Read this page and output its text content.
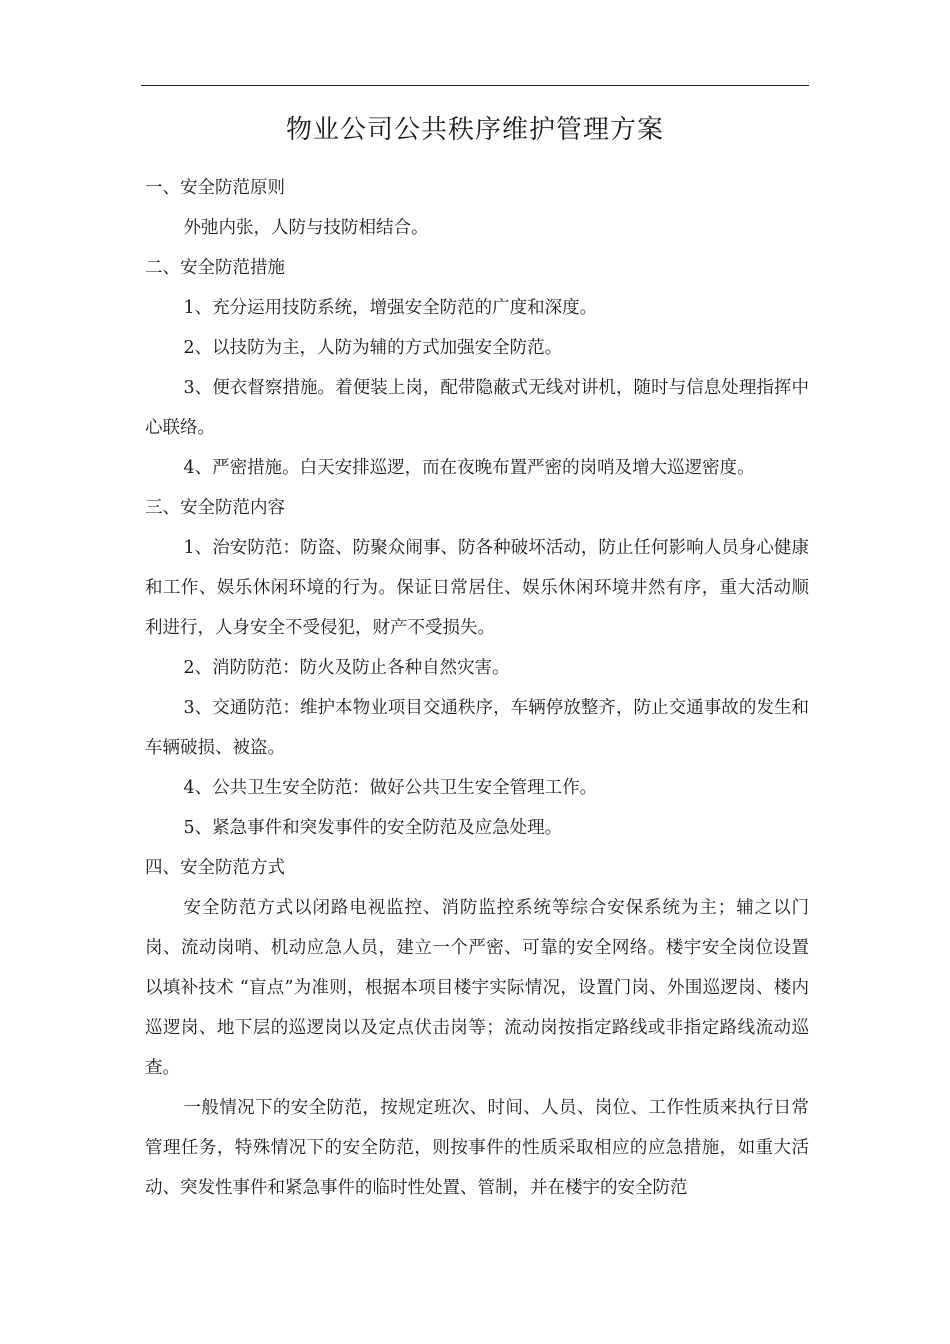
物业公司公共秩序维护管理方案

一、安全防范原则

外弛内张，人防与技防相结合。

二、安全防范措施

1、充分运用技防系统，增强安全防范的广度和深度。

2、以技防为主，人防为辅的方式加强安全防范。

3、便衣督察措施。着便装上岗，配带隐蔽式无线对讲机，随时与信息处理指挥中心联络。

4、严密措施。白天安排巡逻，而在夜晚布置严密的岗哨及增大巡逻密度。

三、安全防范内容

1、治安防范：防盗、防聚众闹事、防各种破坏活动，防止任何影响人员身心健康和工作、娱乐休闲环境的行为。保证日常居住、娱乐休闲环境井然有序，重大活动顺利进行，人身安全不受侵犯，财产不受损失。

2、消防防范：防火及防止各种自然灾害。

3、交通防范：维护本物业项目交通秩序，车辆停放整齐，防止交通事故的发生和车辆破损、被盗。

4、公共卫生安全防范：做好公共卫生安全管理工作。

5、紧急事件和突发事件的安全防范及应急处理。

四、安全防范方式

安全防范方式以闭路电视监控、消防监控系统等综合安保系统为主；辅之以门岗、流动岗哨、机动应急人员，建立一个严密、可靠的安全网络。楼宇安全岗位设置以填补技术 “盲点”为准则，根据本项目楼宇实际情况，设置门岗、外围巡逻岗、楼内巡逻岗、地下层的巡逻岗以及定点伏击岗等；流动岗按指定路线或非指定路线流动巡查。

一般情况下的安全防范，按规定班次、时间、人员、岗位、工作性质来执行日常管理任务，特殊情况下的安全防范，则按事件的性质采取相应的应急措施，如重大活动、突发性事件和紧急事件的临时性处置、管制，并在楼宇的安全防范
